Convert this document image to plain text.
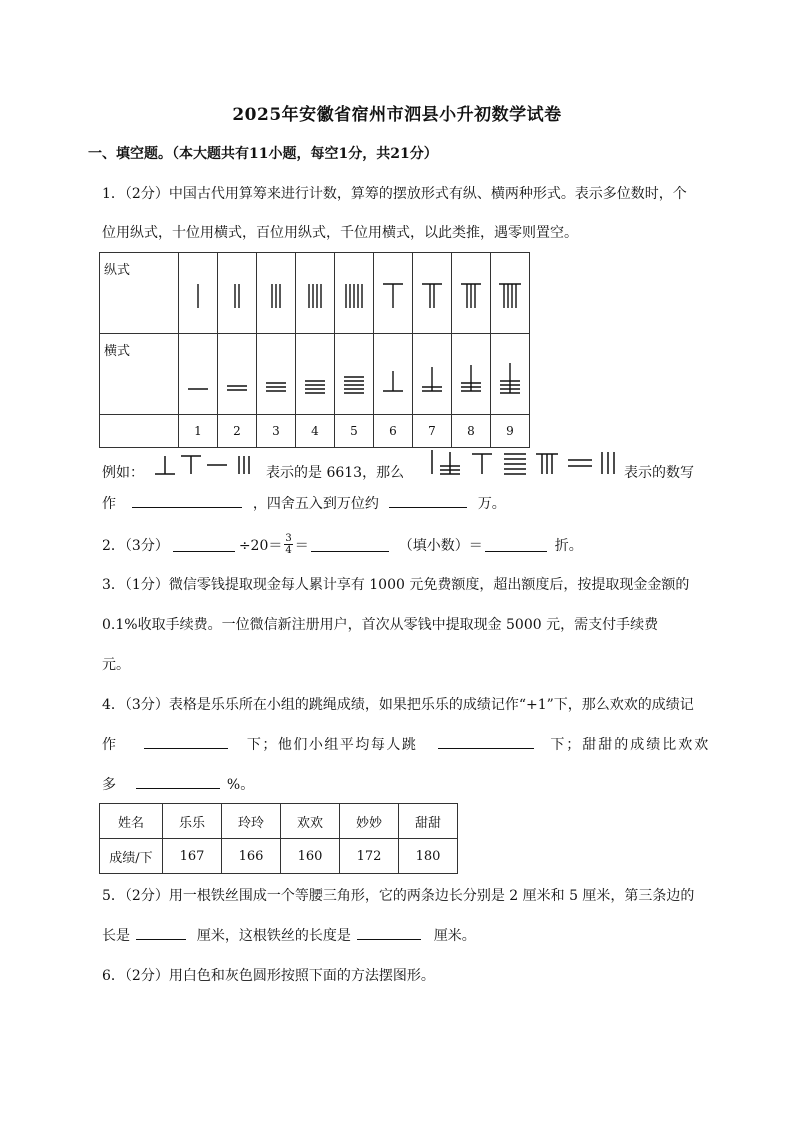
2025年安徽省宿州市泗县小升初数学试卷
一、填空题。（本大题共有11小题，每空1分，共21分）
1．（2分）中国古代用算筹来进行计数，算筹的摆放形式有纵、横两种形式。表示多位数时，个
位用纵式，十位用横式，百位用纵式，千位用横式，以此类推，遇零则置空。
纵式	

横式	

	1	2	3	4	5	6	7	8	9
例如：	表示的是 6613，那么	表示的数写
作	，四舍五入到万位约	万。
2．（3分）	$\div 20= \frac{3}{4}$ ＝	（填小数）＝	折。
3．（1分）微信零钱提取现金每人累计享有 1000 元免费额度，超出额度后，按提取现金金额的
0.1%收取手续费。一位微信新注册用户，首次从零钱中提取现金 5000 元，需支付手续费
元。
4．（3分）表格是乐乐所在小组的跳绳成绩，如果把乐乐的成绩记作“+1”下，那么欢欢的成绩记
作	下；他们小组平均每人跳	下；甜甜的成绩比欢欢
多	%。
姓名	乐乐	玲玲	欢欢	妙妙	甜甜
成绩/下	167	166	160	172	180
5．（2分）用一根铁丝围成一个等腰三角形，它的两条边长分别是 2 厘米和 5 厘米，第三条边的
长是	厘米，这根铁丝的长度是	厘米。
6．（2分）用白色和灰色圆形按照下面的方法摆图形。
